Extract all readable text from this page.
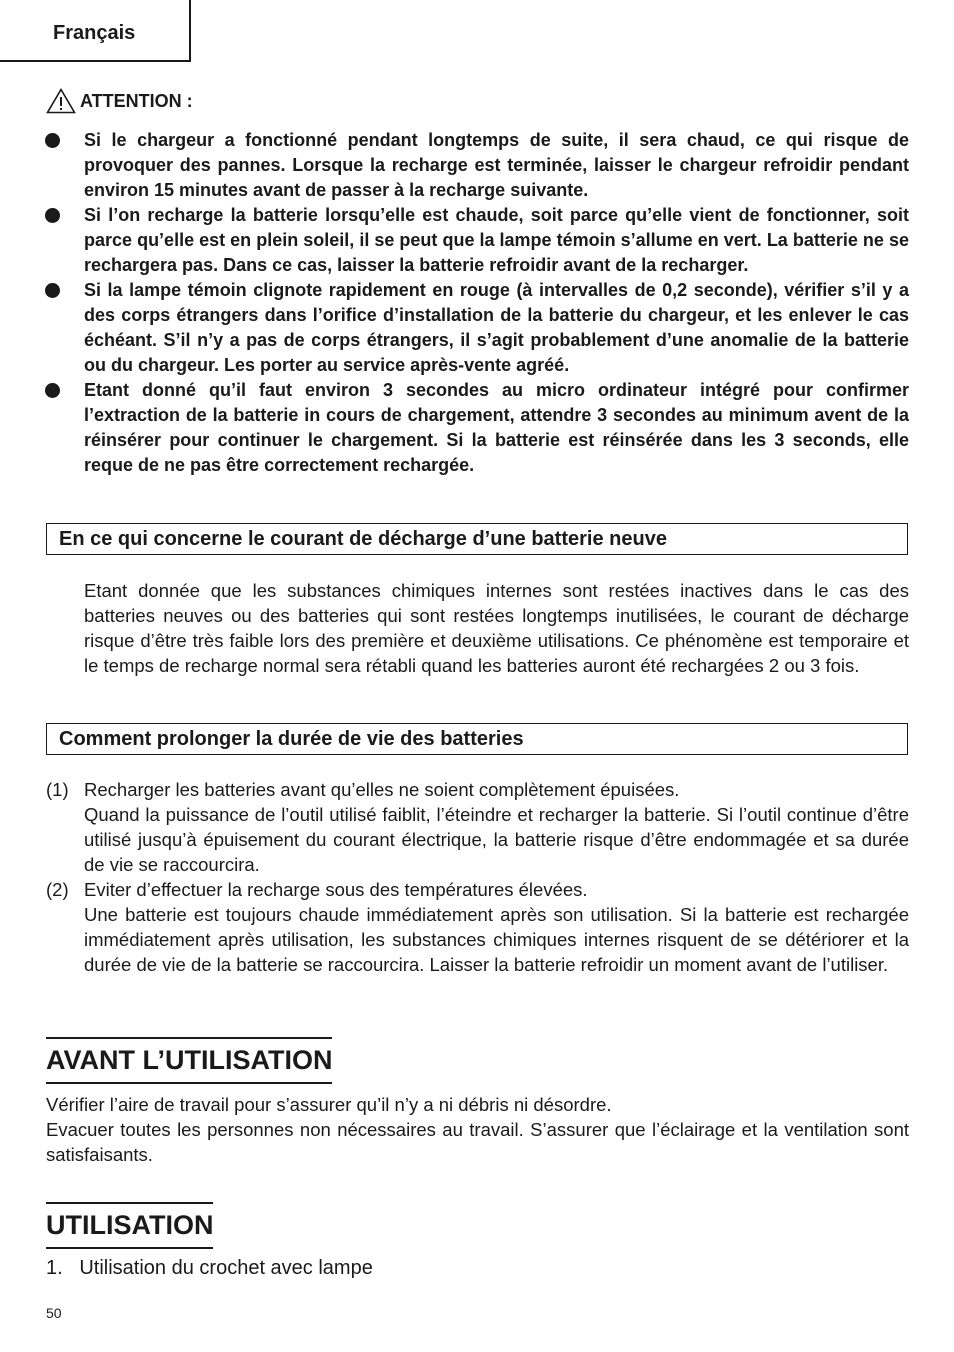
Français
ATTENTION :
Si le chargeur a fonctionné pendant longtemps de suite, il sera chaud, ce qui risque de provoquer des pannes. Lorsque la recharge est terminée, laisser le chargeur refroidir pendant environ 15 minutes avant de passer à la recharge suivante.
Si l’on recharge la batterie lorsqu’elle est chaude, soit parce qu’elle vient de fonctionner, soit parce qu’elle est en plein soleil, il se peut que la lampe témoin s’allume en vert. La batterie ne se rechargera pas. Dans ce cas, laisser la batterie refroidir avant de la recharger.
Si la lampe témoin clignote rapidement en rouge (à intervalles de 0,2 seconde), vérifier s’il y a des corps étrangers dans l’orifice d’installation de la batterie du chargeur, et les enlever le cas échéant. S’il n’y a pas de corps étrangers, il s’agit probablement d’une anomalie de la batterie ou du chargeur. Les porter au service après-vente agréé.
Etant donné qu’il faut environ 3 secondes au micro ordinateur intégré pour confirmer l’extraction de la batterie in cours de chargement, attendre 3 secondes au minimum avent de la réinsérer pour continuer le chargement. Si la batterie est réinsérée dans les 3 seconds, elle reque de ne pas être correctement rechargée.
En ce qui concerne le courant de décharge d’une batterie neuve

Etant donnée que les substances chimiques internes sont restées inactives dans le cas des batteries neuves ou des batteries qui sont restées longtemps inutilisées, le courant de décharge risque d’être très faible lors des première et deuxième utilisations. Ce phénomène est temporaire et le temps de recharge normal sera rétabli quand les batteries auront été rechargées 2 ou 3 fois.

Comment prolonger la durée de vie des batteries
(1) Recharger les batteries avant qu’elles ne soient complètement épuisées.
Quand la puissance de l’outil utilisé faiblit, l’éteindre et recharger la batterie. Si l’outil continue d’être utilisé jusqu’à épuisement du courant électrique, la batterie risque d’être endommagée et sa durée de vie se raccourcira.
(2) Eviter d’effectuer la recharge sous des températures élevées.
Une batterie est toujours chaude immédiatement après son utilisation. Si la batterie est rechargée immédiatement après utilisation, les substances chimiques internes risquent de se détériorer et la durée de vie de la batterie se raccourcira. Laisser la batterie refroidir un moment avant de l’utiliser.
AVANT L’UTILISATION

Vérifier l’aire de travail pour s’assurer qu’il n’y a ni débris ni désordre.

Evacuer toutes les personnes non nécessaires au travail. S’assurer que l’éclairage et la ventilation sont satisfaisants.

UTILISATION

1.   Utilisation du crochet avec lampe

50
